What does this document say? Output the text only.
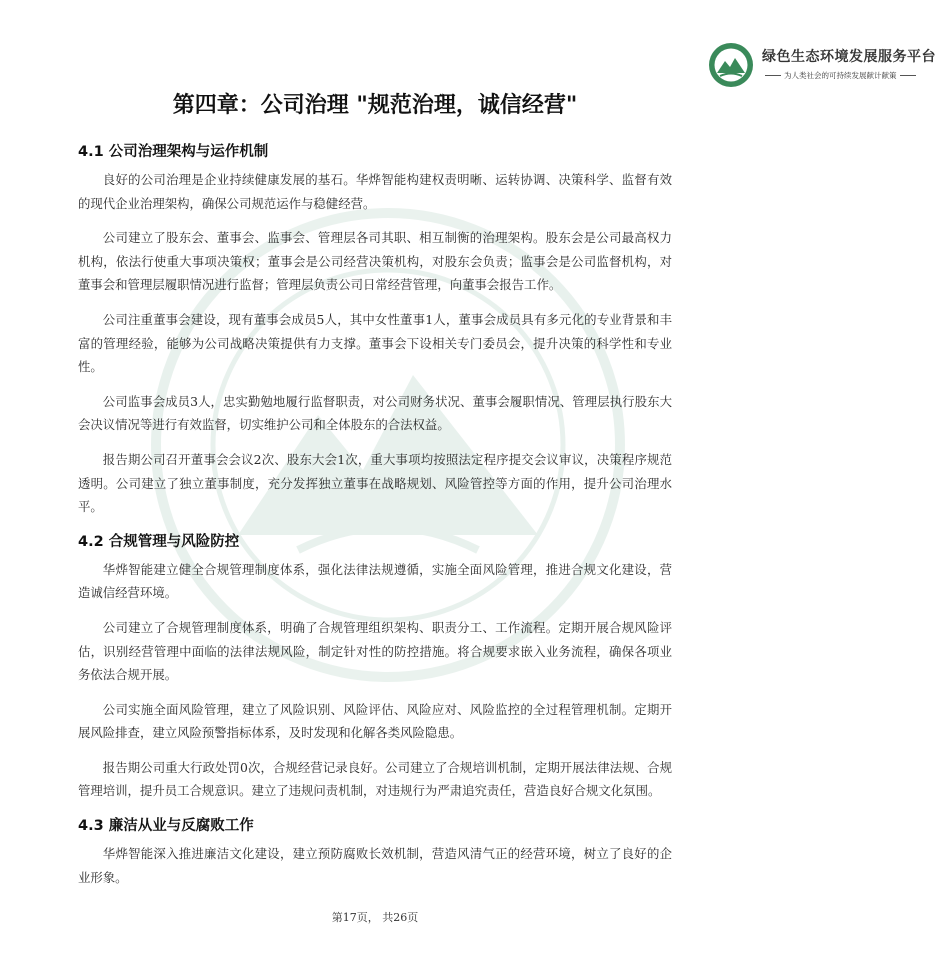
绿色生态环境发展服务平台
为人类社会的可持续发展献计献策
第四章：公司治理 "规范治理，诚信经营"
4.1 公司治理架构与运作机制

良好的公司治理是企业持续健康发展的基石。华烨智能构建权责明晰、运转协调、决策科学、监督有效的现代企业治理架构，确保公司规范运作与稳健经营。

公司建立了股东会、董事会、监事会、管理层各司其职、相互制衡的治理架构。股东会是公司最高权力机构，依法行使重大事项决策权；董事会是公司经营决策机构，对股东会负责；监事会是公司监督机构，对董事会和管理层履职情况进行监督；管理层负责公司日常经营管理，向董事会报告工作。

公司注重董事会建设，现有董事会成员5人，其中女性董事1人，董事会成员具有多元化的专业背景和丰富的管理经验，能够为公司战略决策提供有力支撑。董事会下设相关专门委员会，提升决策的科学性和专业性。

公司监事会成员3人，忠实勤勉地履行监督职责，对公司财务状况、董事会履职情况、管理层执行股东大会决议情况等进行有效监督，切实维护公司和全体股东的合法权益。

报告期公司召开董事会会议2次、股东大会1次，重大事项均按照法定程序提交会议审议，决策程序规范透明。公司建立了独立董事制度，充分发挥独立董事在战略规划、风险管控等方面的作用，提升公司治理水平。

4.2 合规管理与风险防控

华烨智能建立健全合规管理制度体系，强化法律法规遵循，实施全面风险管理，推进合规文化建设，营造诚信经营环境。

公司建立了合规管理制度体系，明确了合规管理组织架构、职责分工、工作流程。定期开展合规风险评估，识别经营管理中面临的法律法规风险，制定针对性的防控措施。将合规要求嵌入业务流程，确保各项业务依法合规开展。

公司实施全面风险管理，建立了风险识别、风险评估、风险应对、风险监控的全过程管理机制。定期开展风险排查，建立风险预警指标体系，及时发现和化解各类风险隐患。

报告期公司重大行政处罚0次，合规经营记录良好。公司建立了合规培训机制，定期开展法律法规、合规管理培训，提升员工合规意识。建立了违规问责机制，对违规行为严肃追究责任，营造良好合规文化氛围。

4.3 廉洁从业与反腐败工作

华烨智能深入推进廉洁文化建设，建立预防腐败长效机制，营造风清气正的经营环境，树立了良好的企业形象。

第17页， 共26页
